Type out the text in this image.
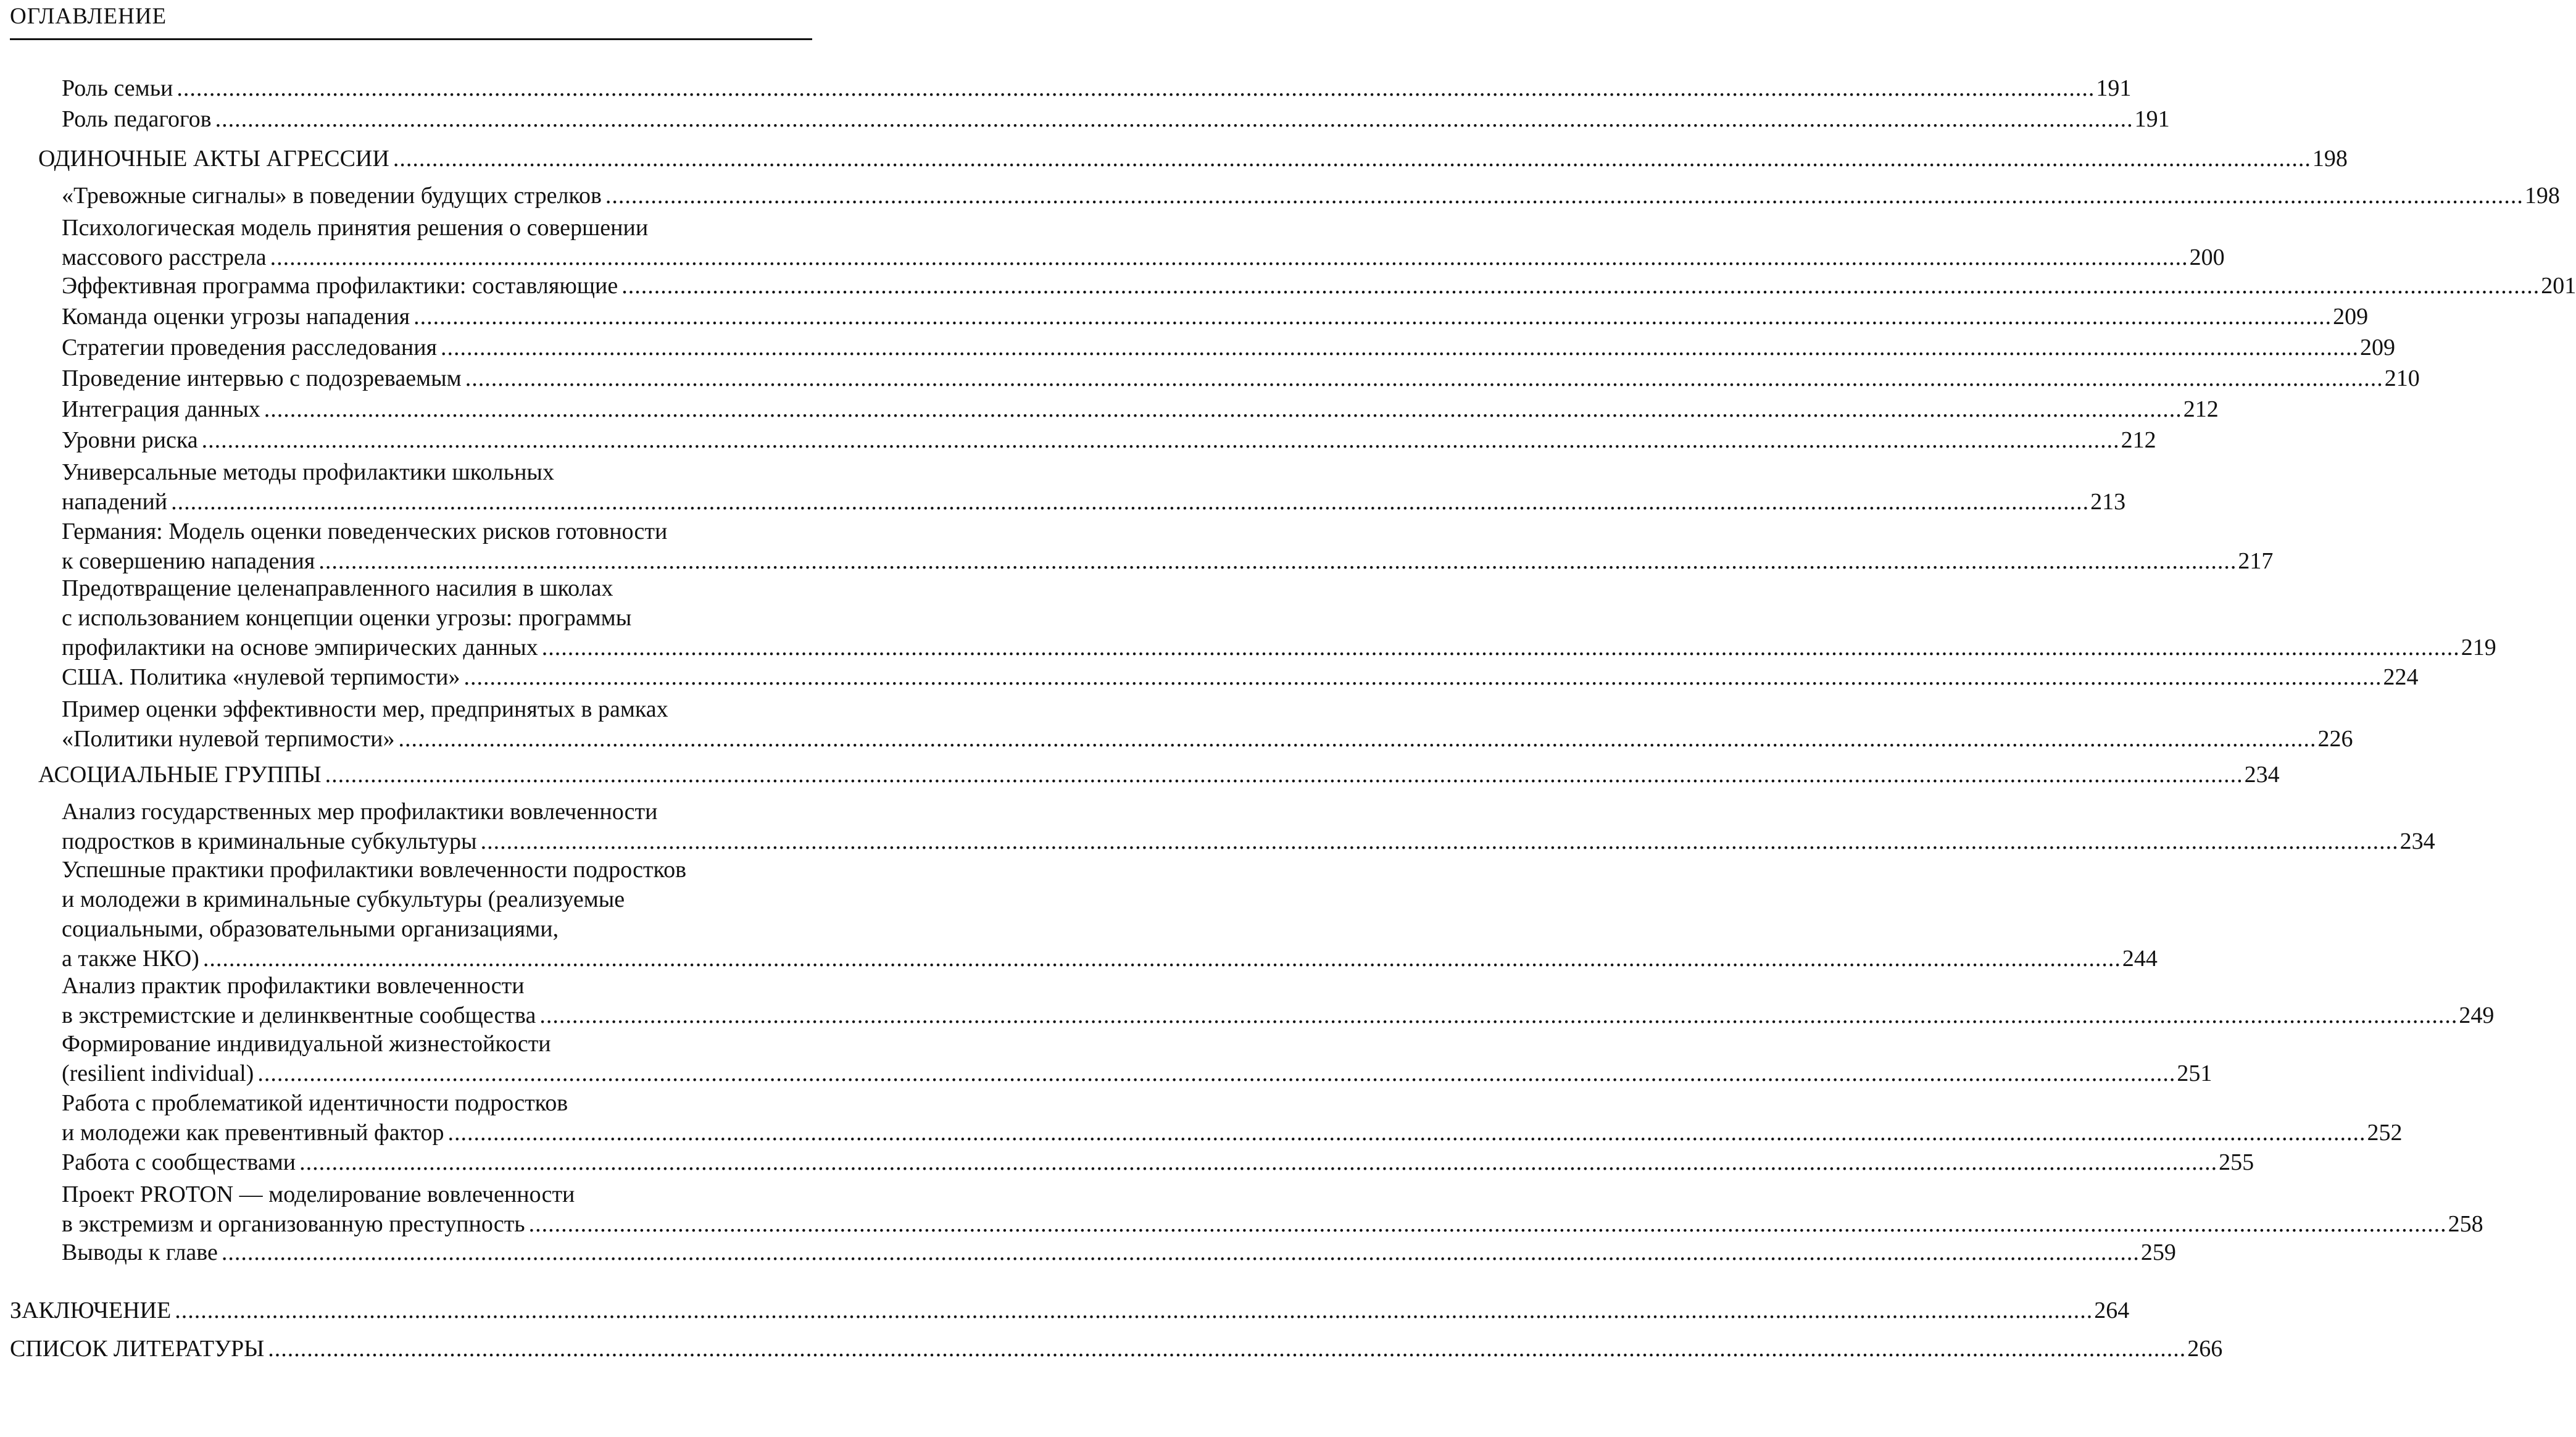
ОГЛАВЛЕНИЕ
Роль семьи .....	191
Роль педагогов .....	191
ОДИНОЧНЫЕ АКТЫ АГРЕССИИ .....	198
«Тревожные сигналы» в поведении будущих стрелков .....	198
Психологическая модель принятия решения о совершении
массового расстрела .....	200
Эффективная программа профилактики: составляющие .....	201
Команда оценки угрозы нападения .....	209
Стратегии проведения расследования .....	209
Проведение интервью с подозреваемым .....	210
Интеграция данных .....	212
Уровни риска .....	212
Универсальные методы профилактики школьных
нападений .....	213
Германия: Модель оценки поведенческих рисков готовности
к совершению нападения .....	217
Предотвращение целенаправленного насилия в школах
с использованием концепции оценки угрозы: программы
профилактики на основе эмпирических данных .....	219
США. Политика «нулевой терпимости» .....	224
Пример оценки эффективности мер, предпринятых в рамках
«Политики нулевой терпимости» .....	226
АСОЦИАЛЬНЫЕ ГРУППЫ .....	234
Анализ государственных мер профилактики вовлеченности
подростков в криминальные субкультуры .....	234
Успешные практики профилактики вовлеченности подростков
и молодежи в криминальные субкультуры (реализуемые
социальными, образовательными организациями,
а также НКО) .....	244
Анализ практик профилактики вовлеченности
в экстремистские и делинквентные сообщества .....	249
Формирование индивидуальной жизнестойкости
(resilient individual) .....	251
Работа с проблематикой идентичности подростков
и молодежи как превентивный фактор .....	252
Работа с сообществами .....	255
Проект PROTON — моделирование вовлеченности
в экстремизм и организованную преступность .....	258
Выводы к главе .....	259
ЗАКЛЮЧЕНИЕ .....	264
СПИСОК ЛИТЕРАТУРЫ .....	266
